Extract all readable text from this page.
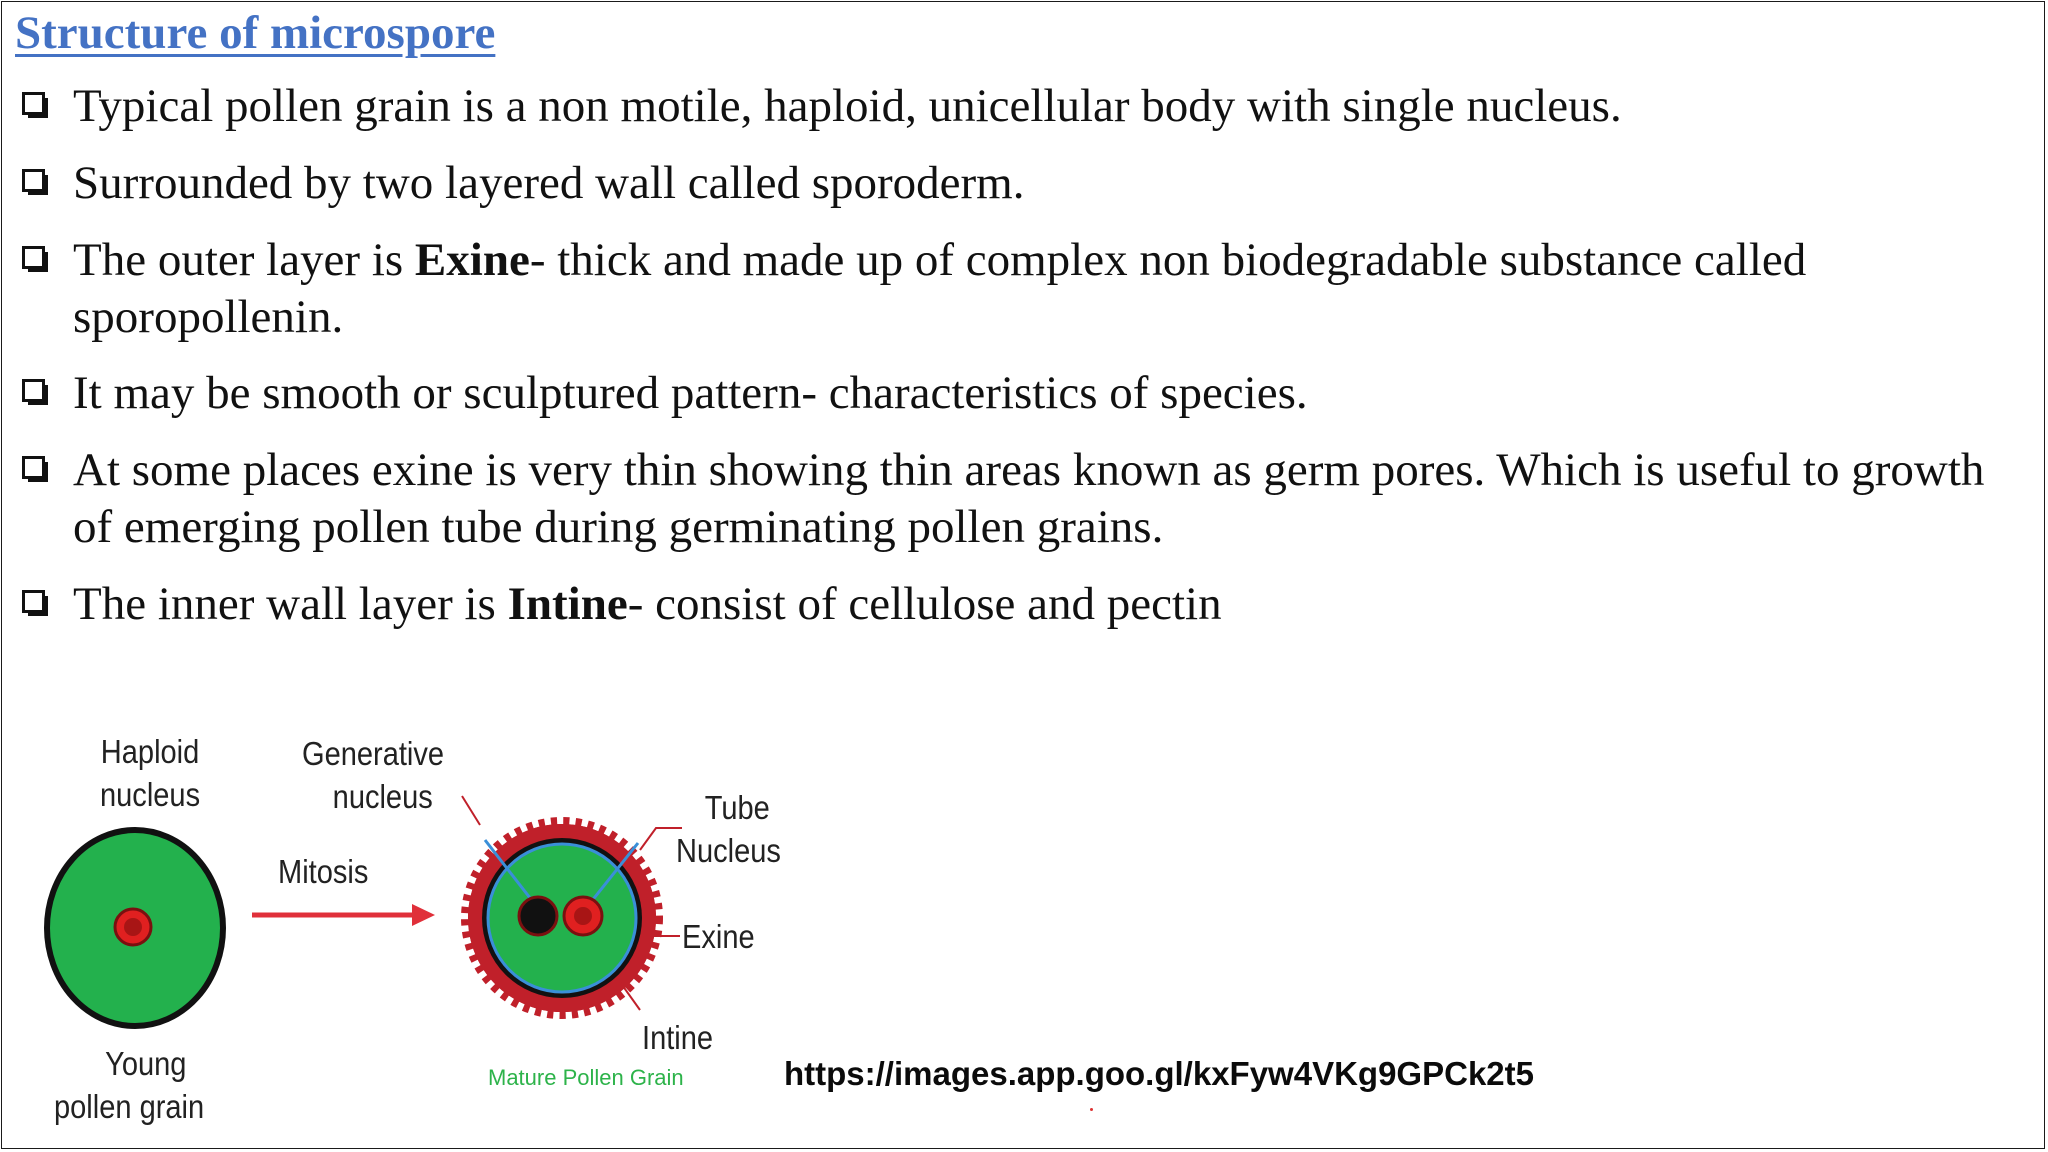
Structure of microspore
Typical pollen grain is a non motile, haploid, unicellular body with single nucleus.
Surrounded by two layered wall called sporoderm.
The outer layer is Exine- thick and made up of complex non biodegradable substance called sporopollenin.
It may be smooth or sculptured pattern- characteristics of species.
At some places exine is very thin showing thin areas known as germ pores. Which is useful to growth of emerging pollen tube during germinating pollen grains.
The inner wall layer is Intine- consist of cellulose and pectin
Haploid
nucleus
Generative
nucleus
Mitosis
Tube
Nucleus
Exine
Intine
Young
pollen grain
Mature Pollen Grain	https://images.app.goo.gl/kxFyw4VKg9GPCk2t5
